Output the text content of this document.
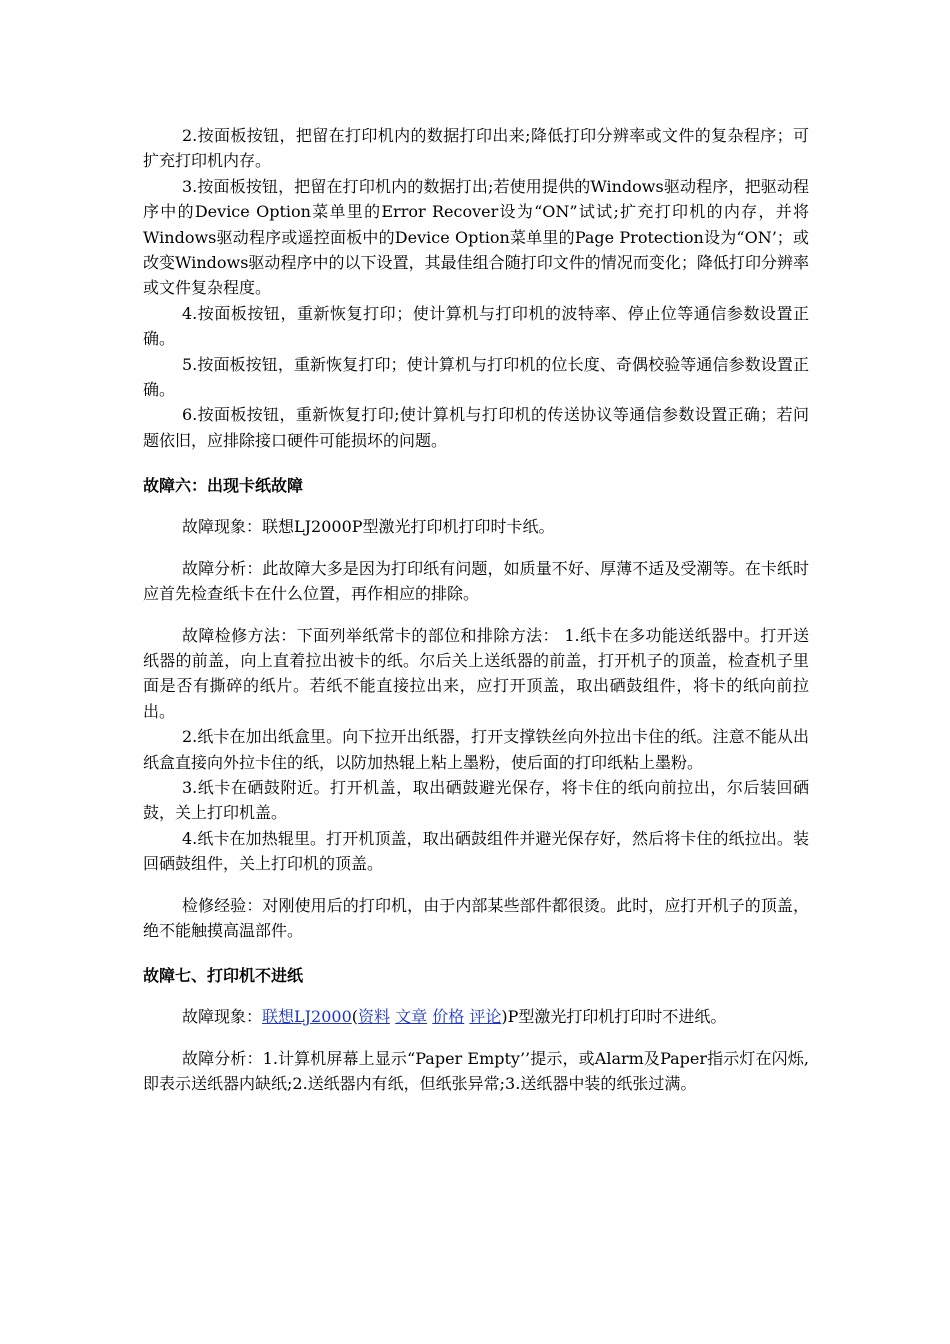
2.按面板按钮，把留在打印机内的数据打印出来;降低打印分辨率或文件的复杂程序；可扩充打印机内存。

3.按面板按钮，把留在打印机内的数据打出;若使用提供的Windows驱动程序，把驱动程序中的Device Option菜单里的Error Recover设为“ON”试试;扩充打印机的内存，并将Windows驱动程序或遥控面板中的Device Option菜单里的Page Protection设为“ON’；或改变Windows驱动程序中的以下设置，其最佳组合随打印文件的情况而变化；降低打印分辨率或文件复杂程度。

4.按面板按钮，重新恢复打印；使计算机与打印机的波特率、停止位等通信参数设置正确。

5.按面板按钮，重新恢复打印；使计算机与打印机的位长度、奇偶校验等通信参数设置正确。

6.按面板按钮，重新恢复打印;使计算机与打印机的传送协议等通信参数设置正确；若问题依旧，应排除接口硬件可能损坏的问题。

故障六：出现卡纸故障

故障现象：联想LJ2000P型激光打印机打印时卡纸。

故障分析：此故障大多是因为打印纸有问题，如质量不好、厚薄不适及受潮等。在卡纸时应首先检查纸卡在什么位置，再作相应的排除。

故障检修方法：下面列举纸常卡的部位和排除方法： 1.纸卡在多功能送纸器中。打开送纸器的前盖，向上直着拉出被卡的纸。尔后关上送纸器的前盖，打开机子的顶盖，检查机子里面是否有撕碎的纸片。若纸不能直接拉出来，应打开顶盖，取出硒鼓组件，将卡的纸向前拉出。

2.纸卡在加出纸盒里。向下拉开出纸器，打开支撑铁丝向外拉出卡住的纸。注意不能从出纸盒直接向外拉卡住的纸，以防加热辊上粘上墨粉，使后面的打印纸粘上墨粉。

3.纸卡在硒鼓附近。打开机盖，取出硒鼓避光保存，将卡住的纸向前拉出，尔后装回硒鼓，关上打印机盖。

4.纸卡在加热辊里。打开机顶盖，取出硒鼓组件并避光保存好，然后将卡住的纸拉出。装回硒鼓组件，关上打印机的顶盖。

检修经验：对刚使用后的打印机，由于内部某些部件都很烫。此时，应打开机子的顶盖，绝不能触摸高温部件。

故障七、打印机不进纸

故障现象：联想LJ2000(资料 文章 价格 评论)P型激光打印机打印时不进纸。

故障分析：1.计算机屏幕上显示“Paper Empty’’提示，或Alarm及Paper指示灯在闪烁,即表示送纸器内缺纸;2.送纸器内有纸，但纸张异常;3.送纸器中装的纸张过满。
